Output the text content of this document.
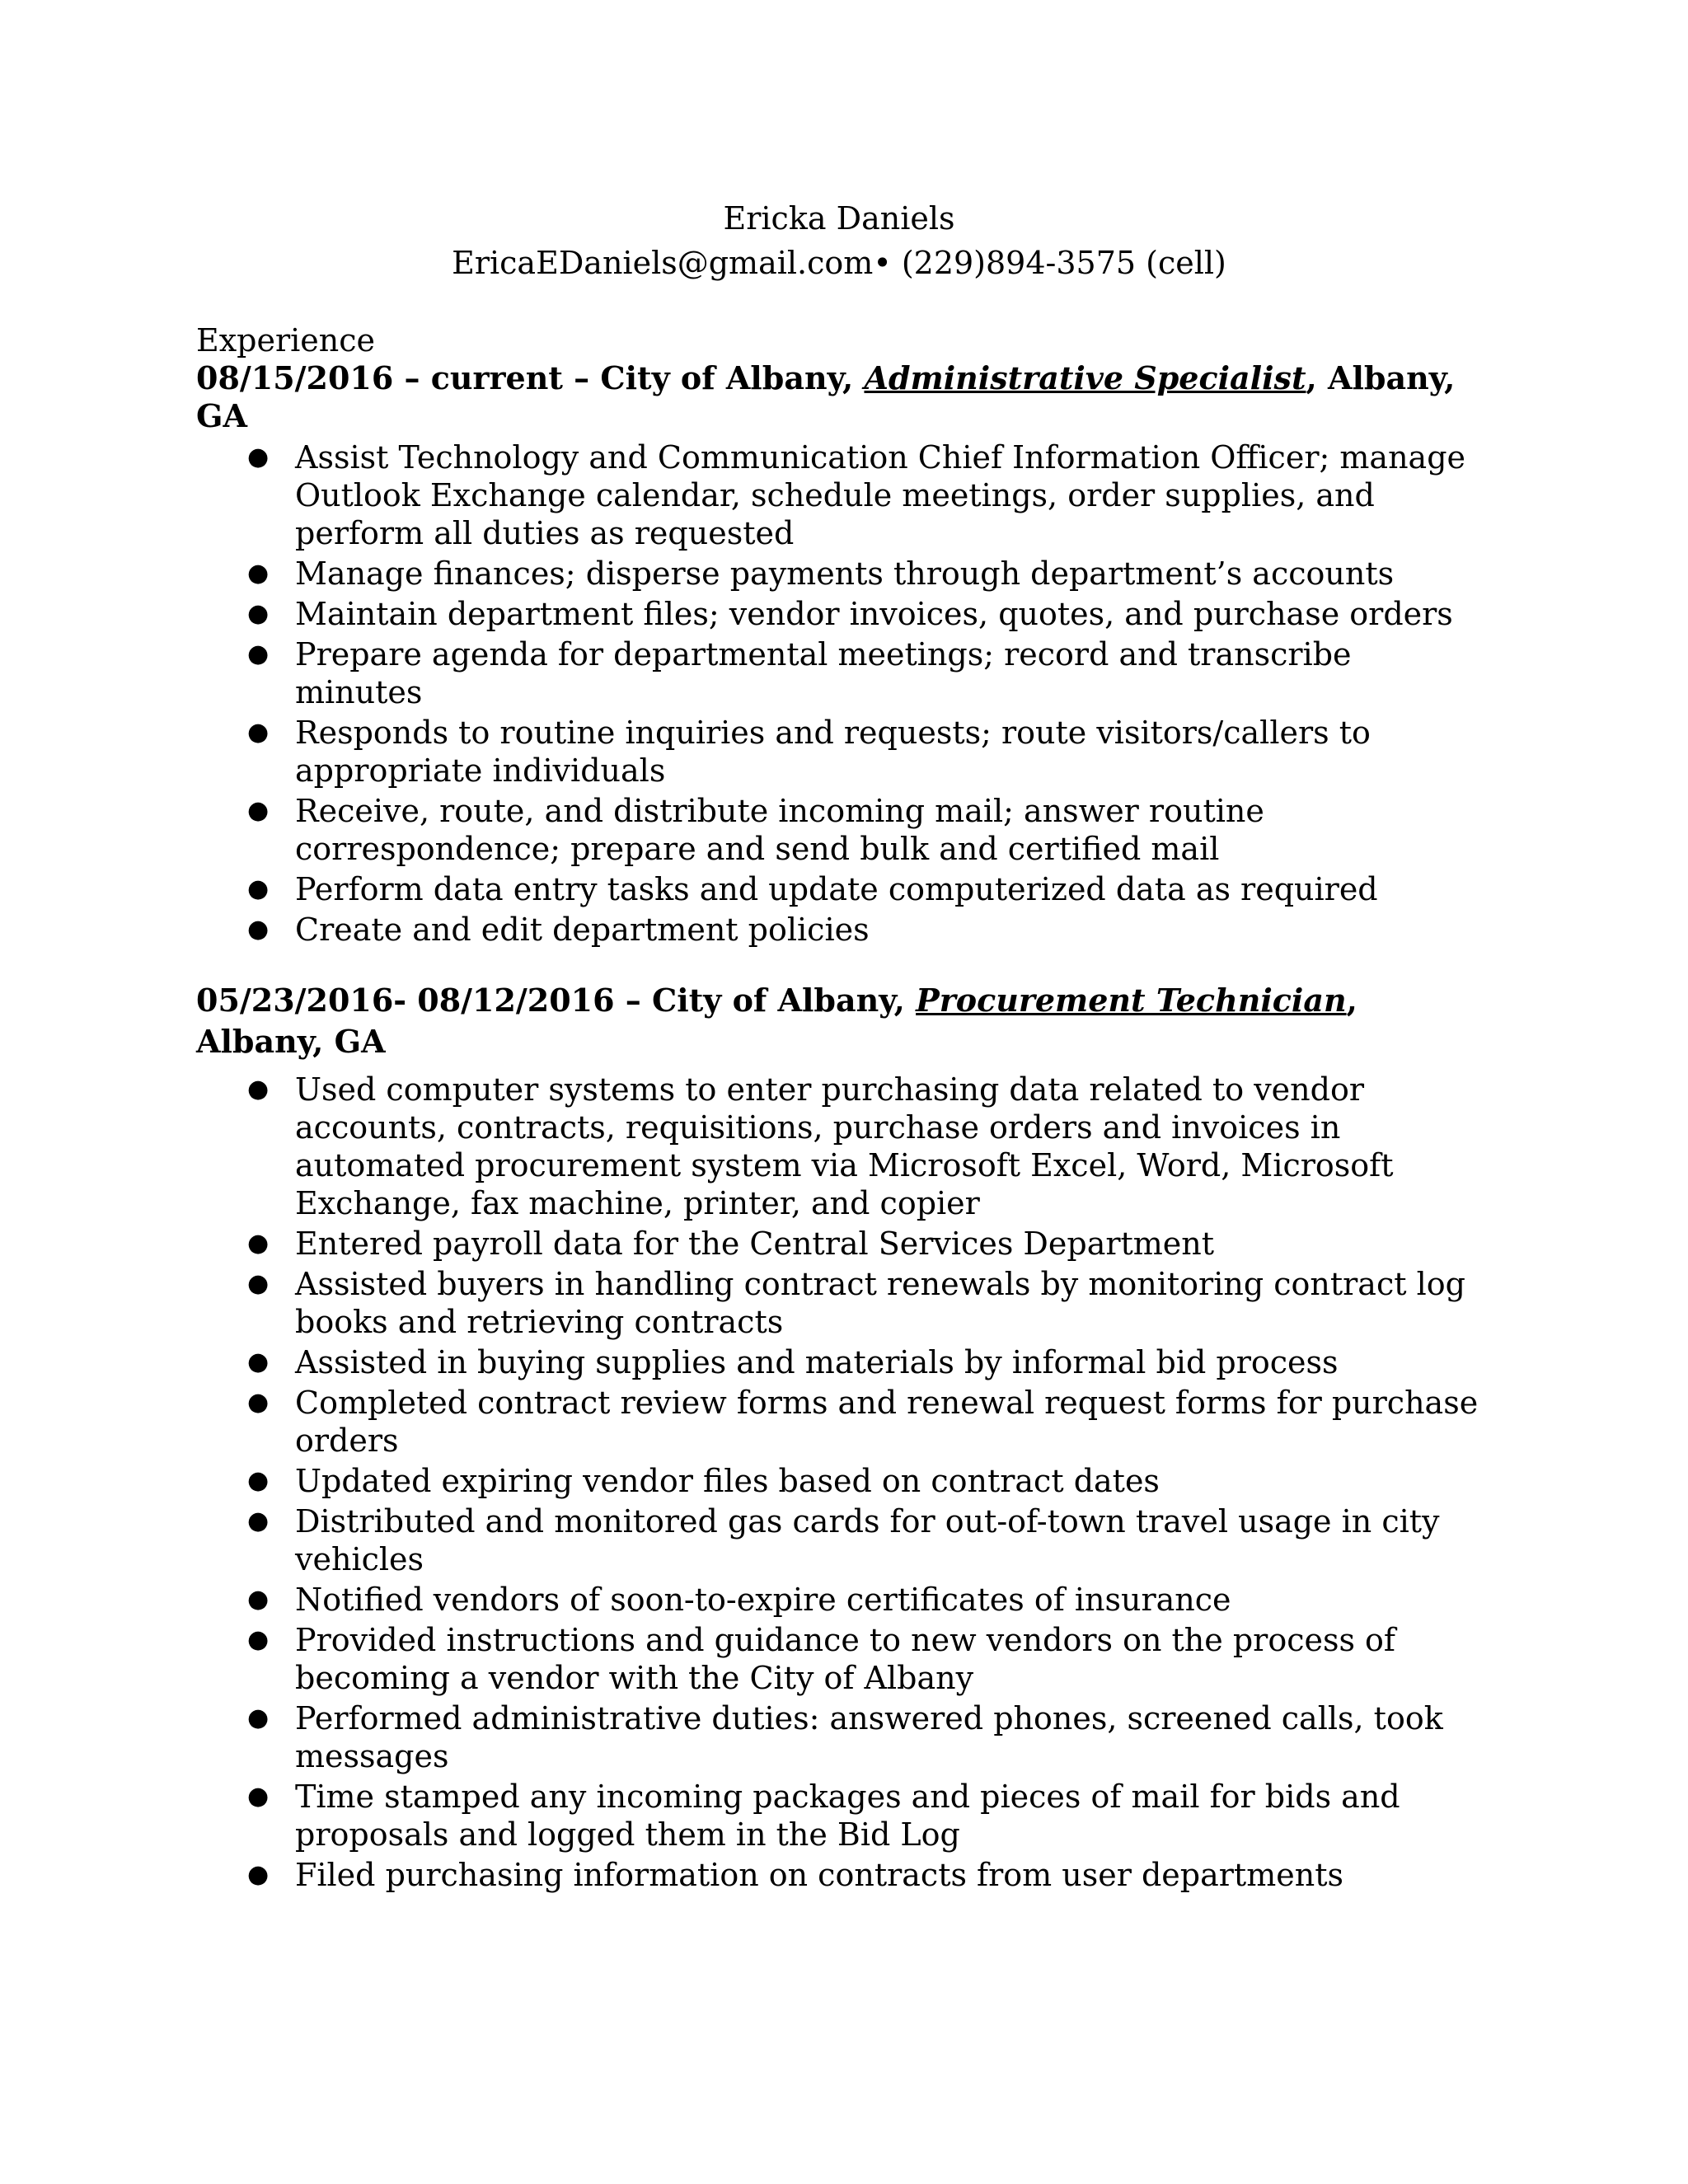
Ericka Daniels
EricaEDaniels@gmail.com• (229)894-3575 (cell)
Experience
08/15/2016 – current – City of Albany, Administrative Specialist, Albany, GA
● Assist Technology and Communication Chief Information Officer; manage Outlook Exchange calendar, schedule meetings, order supplies, and perform all duties as requested
● Manage finances; disperse payments through department’s accounts
● Maintain department files; vendor invoices, quotes, and purchase orders
● Prepare agenda for departmental meetings; record and transcribe minutes
● Responds to routine inquiries and requests; route visitors/callers to appropriate individuals
● Receive, route, and distribute incoming mail; answer routine correspondence; prepare and send bulk and certified mail
● Perform data entry tasks and update computerized data as required
● Create and edit department policies
05/23/2016- 08/12/2016 – City of Albany, Procurement Technician, Albany, GA
● Used computer systems to enter purchasing data related to vendor accounts, contracts, requisitions, purchase orders and invoices in automated procurement system via Microsoft Excel, Word, Microsoft Exchange, fax machine, printer, and copier
● Entered payroll data for the Central Services Department
● Assisted buyers in handling contract renewals by monitoring contract log books and retrieving contracts
● Assisted in buying supplies and materials by informal bid process
● Completed contract review forms and renewal request forms for purchase orders
● Updated expiring vendor files based on contract dates
● Distributed and monitored gas cards for out-of-town travel usage in city vehicles
● Notified vendors of soon-to-expire certificates of insurance
● Provided instructions and guidance to new vendors on the process of becoming a vendor with the City of Albany
● Performed administrative duties: answered phones, screened calls, took messages
● Time stamped any incoming packages and pieces of mail for bids and proposals and logged them in the Bid Log
● Filed purchasing information on contracts from user departments
